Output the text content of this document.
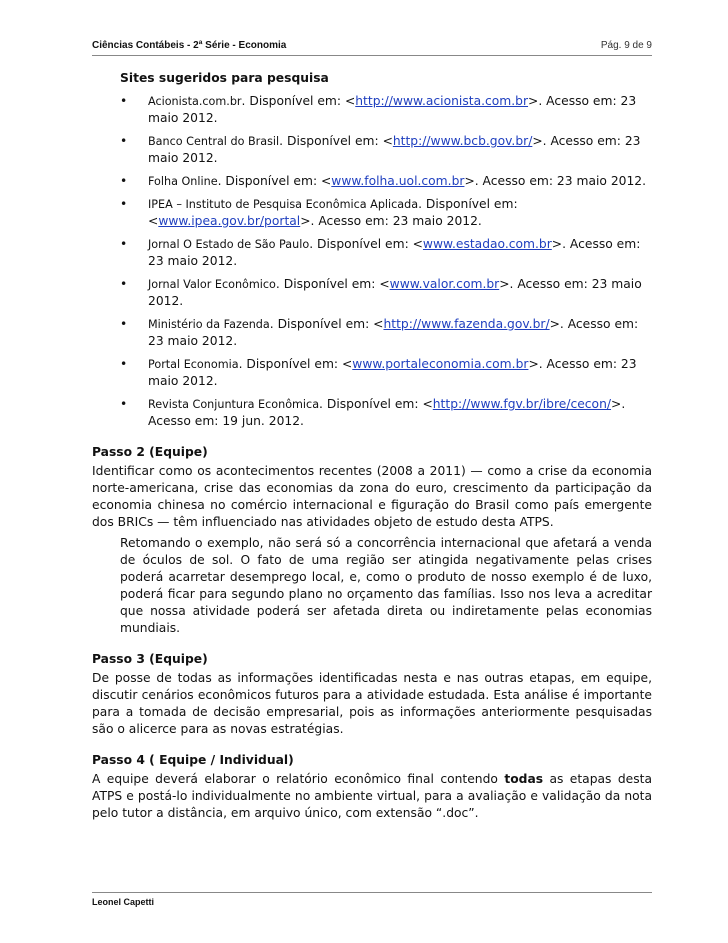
Ciências Contábeis - 2ª Série - Economia	Pág. 9 de 9
Sites sugeridos para pesquisa
• Acionista.com.br. Disponível em: <http://www.acionista.com.br>. Acesso em: 23 maio 2012.
• Banco Central do Brasil. Disponível em: <http://www.bcb.gov.br/>. Acesso em: 23 maio 2012.
• Folha Online. Disponível em: <www.folha.uol.com.br>. Acesso em: 23 maio 2012.
• IPEA – Instituto de Pesquisa Econômica Aplicada. Disponível em: <www.ipea.gov.br/portal>. Acesso em: 23 maio 2012.
• Jornal O Estado de São Paulo. Disponível em: <www.estadao.com.br>. Acesso em: 23 maio 2012.
• Jornal Valor Econômico. Disponível em: <www.valor.com.br>. Acesso em: 23 maio 2012.
• Ministério da Fazenda. Disponível em: <http://www.fazenda.gov.br/>. Acesso em: 23 maio 2012.
• Portal Economia. Disponível em: <www.portaleconomia.com.br>. Acesso em: 23 maio 2012.
• Revista Conjuntura Econômica. Disponível em: <http://www.fgv.br/ibre/cecon/>. Acesso em: 19 jun. 2012.
Passo 2 (Equipe)

Identificar como os acontecimentos recentes (2008 a 2011) — como a crise da economia norte-americana, crise das economias da zona do euro, crescimento da participação da economia chinesa no comércio internacional e figuração do Brasil como país emergente dos BRICs — têm influenciado nas atividades objeto de estudo desta ATPS.

Retomando o exemplo, não será só a concorrência internacional que afetará a venda de óculos de sol. O fato de uma região ser atingida negativamente pelas crises poderá acarretar desemprego local, e, como o produto de nosso exemplo é de luxo, poderá ficar para segundo plano no orçamento das famílias. Isso nos leva a acreditar que nossa atividade poderá ser afetada direta ou indiretamente pelas economias mundiais.

Passo 3 (Equipe)

De posse de todas as informações identificadas nesta e nas outras etapas, em equipe, discutir cenários econômicos futuros para a atividade estudada. Esta análise é importante para a tomada de decisão empresarial, pois as informações anteriormente pesquisadas são o alicerce para as novas estratégias.

Passo 4 ( Equipe / Individual)

A equipe deverá elaborar o relatório econômico final contendo todas as etapas desta ATPS e postá-lo individualmente no ambiente virtual, para a avaliação e validação da nota pelo tutor a distância, em arquivo único, com extensão “.doc”.

Leonel Capetti
